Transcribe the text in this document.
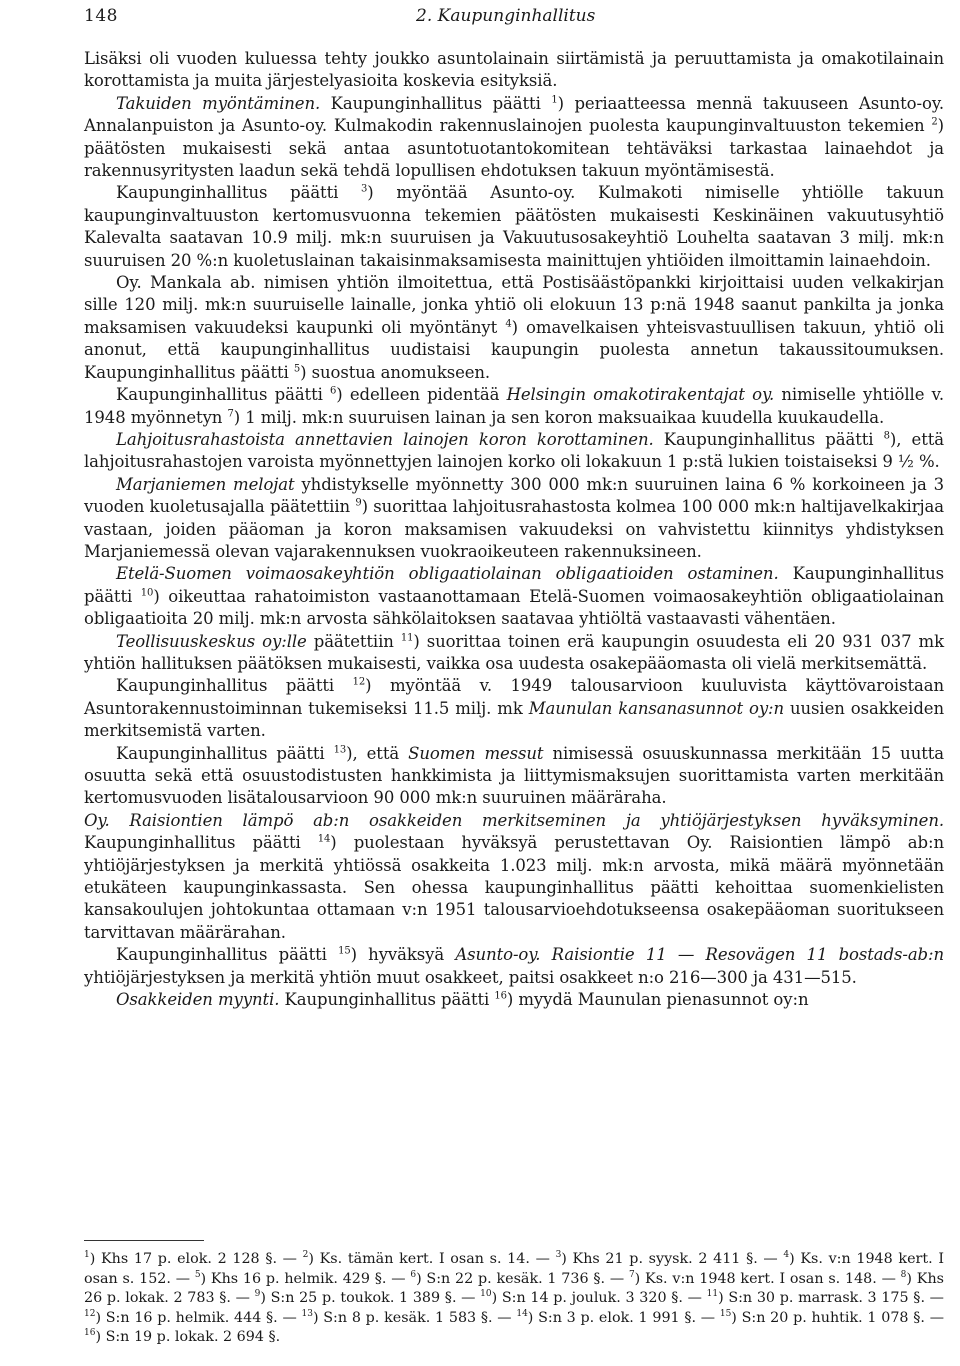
148	2. Kaupunginhallitus

Lisäksi oli vuoden kuluessa tehty joukko asuntolainain siirtämistä ja peruuttamista ja omakotilainain korottamista ja muita järjestelyasioita koskevia esityksiä.

Takuiden myöntäminen. Kaupunginhallitus päätti $^1$) periaatteessa mennä takuuseen Asunto-oy. Annalanpuiston ja Asunto-oy. Kulmakodin rakennuslainojen puolesta kaupunginvaltuuston tekemien $^2$) päätösten mukaisesti sekä antaa asuntotuotantokomitean tehtäväksi tarkastaa lainaehdot ja rakennusyritysten laadun sekä tehdä lopullisen ehdotuksen takuun myöntämisestä.

Kaupunginhallitus päätti $^3$) myöntää Asunto-oy. Kulmakoti nimiselle yhtiölle takuun kaupunginvaltuuston kertomusvuonna tekemien päätösten mukaisesti Keskinäinen vakuutusyhtiö Kalevalta saatavan 10.9 milj. mk:n suuruisen ja Vakuutusosakeyhtiö Louhelta saatavan 3 milj. mk:n suuruisen 20 %:n kuoletuslainan takaisinmaksamisesta mainittujen yhtiöiden ilmoittamin lainaehdoin.

Oy. Mankala ab. nimisen yhtiön ilmoitettua, että Postisäästöpankki kirjoittaisi uuden velkakirjan sille 120 milj. mk:n suuruiselle lainalle, jonka yhtiö oli elokuun 13 p:nä 1948 saanut pankilta ja jonka maksamisen vakuudeksi kaupunki oli myöntänyt $^4$) omavelkaisen yhteisvastuullisen takuun, yhtiö oli anonut, että kaupunginhallitus uudistaisi kaupungin puolesta annetun takaussitoumuksen. Kaupunginhallitus päätti $^5$) suostua anomukseen.

Kaupunginhallitus päätti $^6$) edelleen pidentää Helsingin omakotirakentajat oy. nimiselle yhtiölle v. 1948 myönnetyn $^7$) 1 milj. mk:n suuruisen lainan ja sen koron maksuaikaa kuudella kuukaudella.

Lahjoitusrahastoista annettavien lainojen koron korottaminen. Kaupunginhallitus päätti $^8$), että lahjoitusrahastojen varoista myönnettyjen lainojen korko oli lokakuun 1 p:stä lukien toistaiseksi 9 ½ %.

Marjaniemen melojat yhdistykselle myönnetty 300 000 mk:n suuruinen laina 6 % korkoineen ja 3 vuoden kuoletusajalla päätettiin $^9$) suorittaa lahjoitusrahastosta kolmea 100 000 mk:n haltijavelkakirjaa vastaan, joiden pääoman ja koron maksamisen vakuudeksi on vahvistettu kiinnitys yhdistyksen Marjaniemessä olevan vajarakennuksen vuokraoikeuteen rakennuksineen.

Etelä-Suomen voimaosakeyhtiön obligaatiolainan obligaatioiden ostaminen. Kaupunginhallitus päätti $^{10}$) oikeuttaa rahatoimiston vastaanottamaan Etelä-Suomen voimaosakeyhtiön obligaatiolainan obligaatioita 20 milj. mk:n arvosta sähkölaitoksen saatavaa yhtiöltä vastaavasti vähentäen.

Teollisuuskeskus oy:lle päätettiin $^{11}$) suorittaa toinen erä kaupungin osuudesta eli 20 931 037 mk yhtiön hallituksen päätöksen mukaisesti, vaikka osa uudesta osakepääomasta oli vielä merkitsemättä.

Kaupunginhallitus päätti $^{12}$) myöntää v. 1949 talousarvioon kuuluvista käyttövaroistaan Asuntorakennustoiminnan tukemiseksi 11.5 milj. mk Maunulan kansanasunnot oy:n uusien osakkeiden merkitsemistä varten.

Kaupunginhallitus päätti $^{13}$), että Suomen messut nimisessä osuuskunnassa merkitään 15 uutta osuutta sekä että osuustodistusten hankkimista ja liittymismaksujen suorittamista varten merkitään kertomusvuoden lisätalousarvioon 90 000 mk:n suuruinen määräraha.

Oy. Raisiontien lämpö ab:n osakkeiden merkitseminen ja yhtiöjärjestyksen hyväksyminen. Kaupunginhallitus päätti $^{14}$) puolestaan hyväksyä perustettavan Oy. Raisiontien lämpö ab:n yhtiöjärjestyksen ja merkitä yhtiössä osakkeita 1.023 milj. mk:n arvosta, mikä määrä myönnetään etukäteen kaupunginkassasta. Sen ohessa kaupunginhallitus päätti kehoittaa suomenkielisten kansakoulujen johtokuntaa ottamaan v:n 1951 talousarvioehdotukseensa osakepääoman suoritukseen tarvittavan määrärahan.

Kaupunginhallitus päätti $^{15}$) hyväksyä Asunto-oy. Raisiontie 11 — Resovägen 11 bostads-ab:n yhtiöjärjestyksen ja merkitä yhtiön muut osakkeet, paitsi osakkeet n:o 216—300 ja 431—515.

Osakkeiden myynti. Kaupunginhallitus päätti $^{16}$) myydä Maunulan pienasunnot oy:n

$^1$) Khs 17 p. elok. 2 128 §. — $^2$) Ks. tämän kert. I osan s. 14. — $^3$) Khs 21 p. syysk. 2 411 §. — $^4$) Ks. v:n 1948 kert. I osan s. 152. — $^5$) Khs 16 p. helmik. 429 §. — $^6$) S:n 22 p. kesäk. 1 736 §. — $^7$) Ks. v:n 1948 kert. I osan s. 148. — $^8$) Khs 26 p. lokak. 2 783 §. — $^9$) S:n 25 p. toukok. 1 389 §. — $^{10}$) S:n 14 p. jouluk. 3 320 §. — $^{11}$) S:n 30 p. marrask. 3 175 §. — $^{12}$) S:n 16 p. helmik. 444 §. — $^{13}$) S:n 8 p. kesäk. 1 583 §. — $^{14}$) S:n 3 p. elok. 1 991 §. — $^{15}$) S:n 20 p. huhtik. 1 078 §. — $^{16}$) S:n 19 p. lokak. 2 694 §.
